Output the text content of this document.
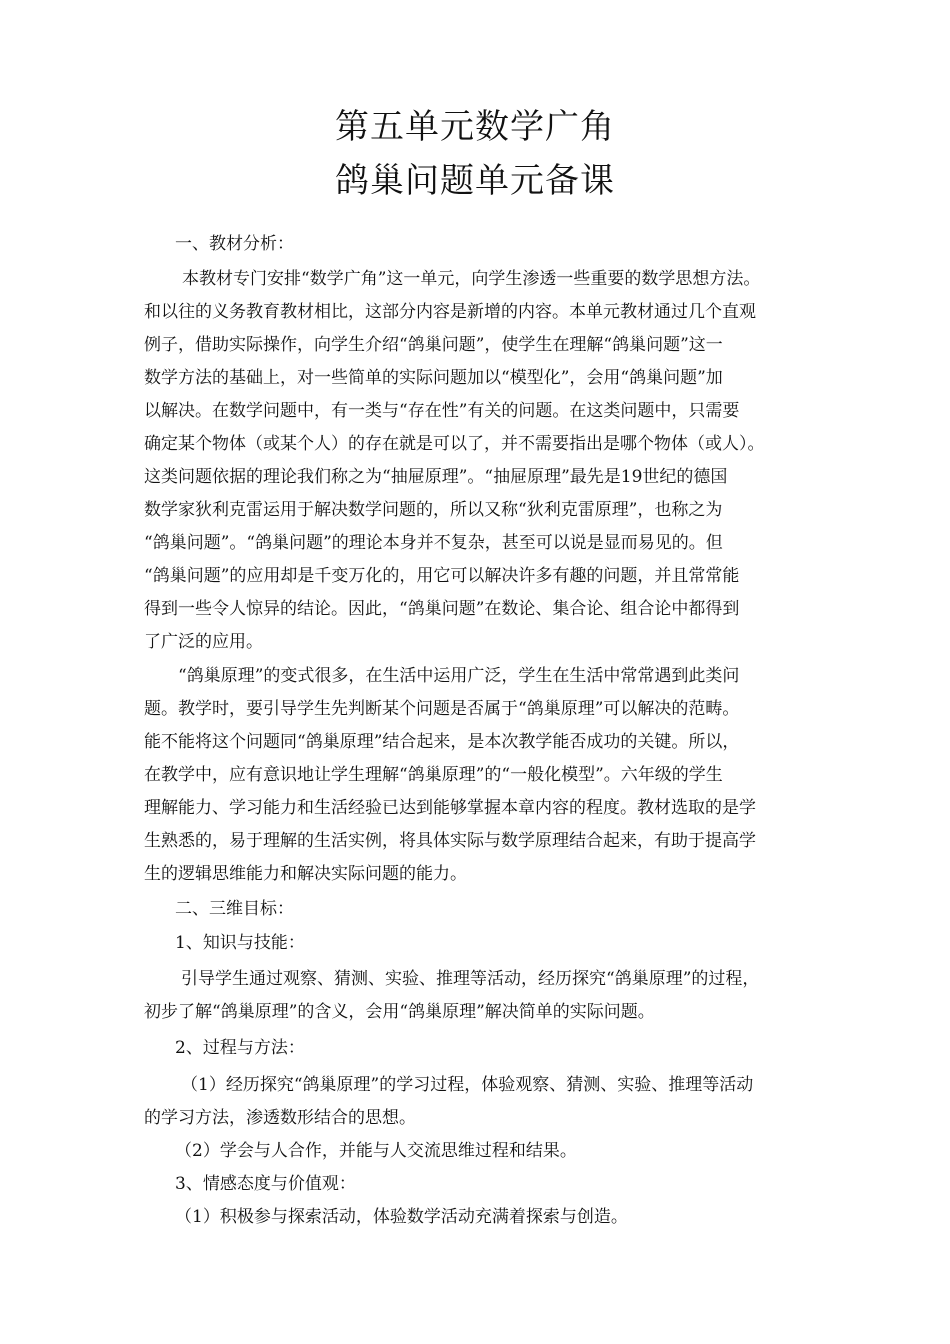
第五单元数学广角
鸽巢问题单元备课
一、教材分析：
本教材专门安排“数学广角”这一单元，向学生渗透一些重要的数学思想方法。
和以往的义务教育教材相比，这部分内容是新增的内容。本单元教材通过几个直观
例子，借助实际操作，向学生介绍“鸽巢问题”，使学生在理解“鸽巢问题”这一
数学方法的基础上，对一些简单的实际问题加以“模型化”，会用“鸽巢问题”加
以解决。在数学问题中，有一类与“存在性”有关的问题。在这类问题中，只需要
确定某个物体（或某个人）的存在就是可以了，并不需要指出是哪个物体（或人）。
这类问题依据的理论我们称之为“抽屉原理”。“抽屉原理”最先是19世纪的德国
数学家狄利克雷运用于解决数学问题的，所以又称“狄利克雷原理”，也称之为
“鸽巢问题”。“鸽巢问题”的理论本身并不复杂，甚至可以说是显而易见的。但
“鸽巢问题”的应用却是千变万化的，用它可以解决许多有趣的问题，并且常常能
得到一些令人惊异的结论。因此，“鸽巢问题”在数论、集合论、组合论中都得到
了广泛的应用。
“鸽巢原理”的变式很多，在生活中运用广泛，学生在生活中常常遇到此类问
题。教学时，要引导学生先判断某个问题是否属于“鸽巢原理”可以解决的范畴。
能不能将这个问题同“鸽巢原理”结合起来，是本次教学能否成功的关键。所以，
在教学中，应有意识地让学生理解“鸽巢原理”的“一般化模型”。六年级的学生
理解能力、学习能力和生活经验已达到能够掌握本章内容的程度。教材选取的是学
生熟悉的，易于理解的生活实例，将具体实际与数学原理结合起来，有助于提高学
生的逻辑思维能力和解决实际问题的能力。
二、三维目标：
1、知识与技能：
引导学生通过观察、猜测、实验、推理等活动，经历探究“鸽巢原理”的过程，
初步了解“鸽巢原理”的含义，会用“鸽巢原理”解决简单的实际问题。
2、过程与方法：
（1）经历探究“鸽巢原理”的学习过程，体验观察、猜测、实验、推理等活动
的学习方法，渗透数形结合的思想。
（2）学会与人合作，并能与人交流思维过程和结果。
3、情感态度与价值观：
（1）积极参与探索活动，体验数学活动充满着探索与创造。
